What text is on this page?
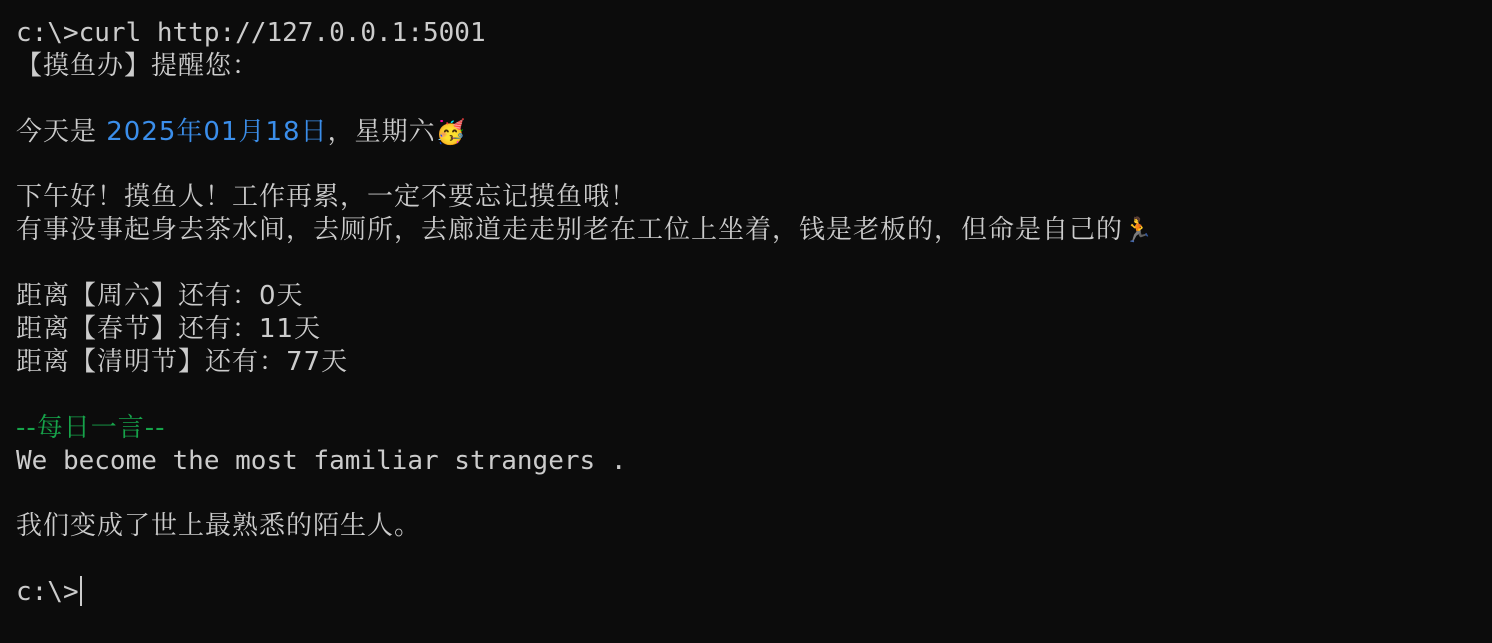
c:\>curl http://127.0.0.1:5001
【摸鱼办】提醒您：
今天是 2025年01月18日，星期六🥳
下午好！摸鱼人！工作再累，一定不要忘记摸鱼哦！
有事没事起身去茶水间，去厕所，去廊道走走别老在工位上坐着，钱是老板的，但命是自己的🏃
距离【周六】还有：0天
距离【春节】还有：11天
距离【清明节】还有：77天
--每日一言--
We become the most familiar strangers .
我们变成了世上最熟悉的陌生人。
c:\>
